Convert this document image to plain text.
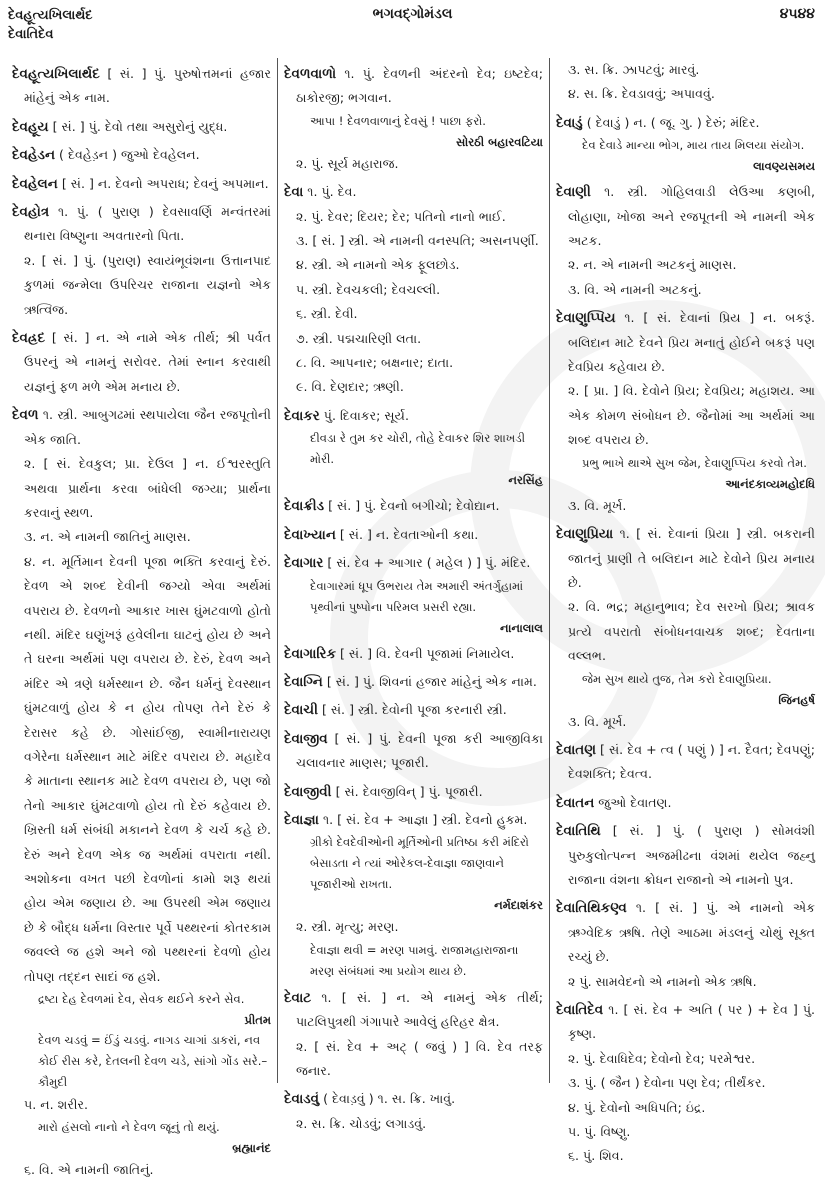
દેવહૂત્યખિલાર્થદ
દેવાતિદેવ
ભગવદ્ગોમંડલ	૪૫૪૪

દેવહૂત્યખિલાર્થદ [ સં. ] પું. પુરુષોત્તમનાં હજાર માંહેનું એક નામ.

દેવહૂય [ સં. ] પું. દેવો તથા અસુરોનું યુદ્ધ.

દેવહેડન ( દેવહેડ઼ન ) જુઓ દેવહેલન.

દેવહેલન [ સં. ] ન. દેવનો અપરાધ; દેવનું અપમાન.

દેવહોત્ર ૧. પું. ( પુરાણ ) દેવસાવર્ણિ મન્વંતરમાં થનારા વિષ્ણુના અવતારનો પિતા.

૨. [ સં. ] પું. (પુરાણ) સ્વાયંભૂવંશના ઉત્તાનપાદ કુળમાં જન્મેલા ઉપરિચર રાજાના યજ્ઞનો એક ઋત્વિજ.

દેવહ્રદ [ સં. ] ન. એ નામે એક તીર્થ; શ્રી પર્વત ઉપરનું એ નામનું સરોવર. તેમાં સ્નાન કરવાથી યજ્ઞનું ફળ મળે એમ મનાય છે.

દેવળ ૧. સ્ત્રી. આબુગઢમાં સ્થપાયેલા જૈન રજપૂતોની એક જાતિ.

૨. [ સં. દેવકુલ; પ્રા. દેઉલ ] ન. ઈશ્વરસ્તુતિ અથવા પ્રાર્થના કરવા બાંધેલી જગ્યા; પ્રાર્થના કરવાનું સ્થળ.

૩. ન. એ નામની જાતિનું માણસ.

૪. ન. મૂર્તિમાન દેવની પૂજા ભક્તિ કરવાનું દેરું. દેવળ એ શબ્દ દેવીની જગ્યો એવા અર્થમાં વપરાય છે. દેવળનો આકાર ખાસ ઘુંમટવાળો હોતો નથી. મંદિર ઘણુંખરૂં હવેલીના ઘાટનું હોય છે અને તે ઘરના અર્થમાં પણ વપરાય છે. દેરું, દેવળ અને મંદિર એ ત્રણે ધર્મસ્થાન છે. જૈન ધર્મનું દેવસ્થાન ઘુંમટવાળું હોય કે ન હોય તોપણ તેને દેરું કે દેરાસર કહે છે. ગોસાંઈજી, સ્વામીનારાયણ વગેરેના ધર્મસ્થાન માટે મંદિર વપરાય છે. મહાદેવ કે માતાના સ્થાનક માટે દેવળ વપરાય છે, પણ જો તેનો આકાર ઘુંમટવાળો હોય તો દેરું કહેવાય છે. ખ્રિસ્તી ધર્મ સંબંધી મકાનને દેવળ કે ચર્ચ કહે છે. દેરું અને દેવળ એક જ અર્થમાં વપરાતા નથી. અશોકના વખત પછી દેવળોનાં કામો શરૂ થયાં હોય એમ જણાય છે. આ ઉપરથી એમ જણાય છે કે બૌદ્ધ ધર્મના વિસ્તાર પૂર્વે પથ્થરનાં કોતરકામ જવલ્લે જ હશે અને જો પથ્થરનાં દેવળો હોય તોપણ તદ્દન સાદાં જ હશે.

દ્રષ્ટા દેહ દેવળમાં દેવ, સેવક થઈને કરને સેવ.

પ્રીતમ

દેવળ ચડવું = ઈંડું ચડવું. નાગડ ચાગાં ડાકરાં, નવ કોઈ રીસ કરે, દેતલની દેવળ ચડે, સાંગો ગોંડ સરે.–કૌમુદી

૫. ન. શરીર.

મારો હંસલો નાનો ને દેવળ જૂનું તો થયું.

બ્રહ્માનંદ

૬. વિ. એ નામની જાતિનું.

દેવળવાળો ૧. પું. દેવળની અંદરનો દેવ; ઇષ્ટદેવ; ઠાકોરજી; ભગવાન.

આપા ! દેવળવાળાનું દેવસું ! પાછા ફરો.

સોરઠી બહારવટિયા

૨. પું. સૂર્ય મહારાજ.

દેવા ૧. પું. દેવ.

૨. પું. દેવર; દિયર; દેર; પતિનો નાનો ભાઈ.

૩. [ સં. ] સ્ત્રી. એ નામની વનસ્પતિ; અસનપર્ણી.

૪. સ્ત્રી. એ નામનો એક ફૂલછોડ.

૫. સ્ત્રી. દેવચકલી; દેવચલ્લી.

૬. સ્ત્રી. દેવી.

૭. સ્ત્રી. પદ્મચારિણી લતા.

૮. વિ. આપનાર; બક્ષનાર; દાતા.

૯. વિ. દેણદાર; ઋણી.

દેવાકર પું. દિવાકર; સૂર્ય.

દીવડા રે તુમ કર ચોરી, તોહે દેવાકર શિર શાખડી મોરી.

નરસિંહ

દેવાક્રીડ [ સં. ] પું. દેવનો બગીચો; દેવોદ્યાન.

દેવાખ્યાન [ સં. ] ન. દેવતાઓની કથા.

દેવાગાર [ સં. દેવ + આગાર ( મહેલ ) ] પું. મંદિર.

દેવાગારમાં ધૂપ ઉભરાય તેમ અમારી અંતર્ગુહામાં પૃથ્વીનાં પુષ્પોના પરિમલ પ્રસરી રહ્યા.

નાનાલાલ

દેવાગારિક [ સં. ] વિ. દેવની પૂજામાં નિમાયેલ.

દેવાગ્નિ [ સં. ] પું. શિવનાં હજાર માંહેનું એક નામ.

દેવાચી [ સં. ] સ્ત્રી. દેવોની પૂજા કરનારી સ્ત્રી.

દેવાજીવ [ સં. ] પું. દેવની પૂજા કરી આજીવિકા ચલાવનાર માણસ; પૂજારી.

દેવાજીવી [ સં. દેવાજીવિન્ ] પું. પૂજારી.

દેવાજ્ઞા ૧. [ સં. દેવ + આજ્ઞા ] સ્ત્રી. દેવનો હુકમ.

ગ્રીકો દેવદેવીઓની મૂર્તિઓની પ્રતિષ્ઠા કરી મંદિરો બેસાડતા ને ત્યાં ઓરેકલ-દેવાજ્ઞા જાણવાને પૂજારીઓ રાખતા.

નર્મદાશંકર

૨. સ્ત્રી. મૃત્યુ; મરણ.

દેવાજ્ઞા થવી = મરણ પામવું. રાજામહારાજાના મરણ સંબંધમાં આ પ્રયોગ થાય છે.

દેવાટ ૧. [ સં. ] ન. એ નામનું એક તીર્થ; પાટલિપુત્રથી ગંગાપારે આવેલું હરિહર ક્ષેત્ર.

૨. [ સં. દેવ + અટ્ ( જવું ) ] વિ. દેવ તરફ જનાર.

દેવાડવું ( દેવાડ઼વું ) ૧. સ. ક્રિ. ખાવું.

૨. સ. ક્રિ. ચોડવું; લગાડવું.

૩. સ. ક્રિ. ઝાપટવું; મારવું.

૪. સ. ક્રિ. દેવડાવવું; અપાવવું.

દેવાડું ( દેવાડ઼ું ) ન. ( જૂ. ગુ. ) દેરું; મંદિર.

દેવ દેવાડે માન્યા ભોગ, માય તાય મિલયા સંયોગ.

લાવણ્યસમય

દેવાણી ૧. સ્ત્રી. ગોહિલવાડી લેઉઆ કણબી, લોહાણા, ખોજા અને રજપૂતની એ નામની એક અટક.

૨. ન. એ નામની અટકનું માણસ.

૩. વિ. એ નામની અટકનું.

દેવાણુપ્પિય ૧. [ સં. દેવાનાં પ્રિય ] ન. બકરૂં. બલિદાન માટે દેવને પ્રિય મનાતું હોઈને બકરૂં પણ દેવપ્રિય કહેવાય છે.

૨. [ પ્રા. ] વિ. દેવોને પ્રિય; દેવપ્રિય; મહાશય. આ એક કોમળ સંબોધન છે. જૈનોમાં આ અર્થમાં આ શબ્દ વપરાય છે.

પ્રભુ ભાખે થાએ સુખ જેમ, દેવાણુપ્પિય કરવો તેમ.

આનંદકાવ્યમહોદધિ

૩. વિ. મૂર્ખ.

દેવાણુપ્રિયા ૧. [ સં. દેવાનાં પ્રિયા ] સ્ત્રી. બકરાની જાતનું પ્રાણી તે બલિદાન માટે દેવોને પ્રિય મનાય છે.

૨. વિ. ભદ્ર; મહાનુભાવ; દેવ સરખો પ્રિય; શ્રાવક પ્રત્યે વપરાતો સંબોધનવાચક શબ્દ; દેવતાના વલ્લભ.

જેમ સુખ થાયે તુજ, તેમ કરો દેવાણુપ્રિયા.

જિનહર્ષ

૩. વિ. મૂર્ખ.

દેવાતણ [ સં. દેવ + ત્વ ( પણું ) ] ન. દૈવત; દેવપણું; દેવશક્તિ; દેવત્વ.

દેવાતન જુઓ દેવાતણ.

દેવાતિથિ [ સં. ] પું. ( પુરાણ ) સોમવંશી પુરુકુલોત્પન્ન અજમીઢના વંશમાં થયેલ જહ્નુ રાજાના વંશના ક્રોધન રાજાનો એ નામનો પુત્ર.

દેવાતિથિકણ્વ ૧. [ સં. ] પું. એ નામનો એક ઋગ્વેદિક ઋષિ. તેણે આઠમા મંડલનું ચોથું સૂક્ત રચ્યું છે.

૨ પું. સામવેદનો એ નામનો એક ઋષિ.

દેવાતિદેવ ૧. [ સં. દેવ + અતિ ( પર ) + દેવ ] પું. કૃષ્ણ.

૨. પું. દેવાધિદેવ; દેવોનો દેવ; પરમેશ્વર.

૩. પું. ( જૈન ) દેવોના પણ દેવ; તીર્થંકર.

૪. પું. દેવોનો અધિપતિ; ઇંદ્ર.

૫. પું. વિષ્ણુ.

૬. પું. શિવ.
